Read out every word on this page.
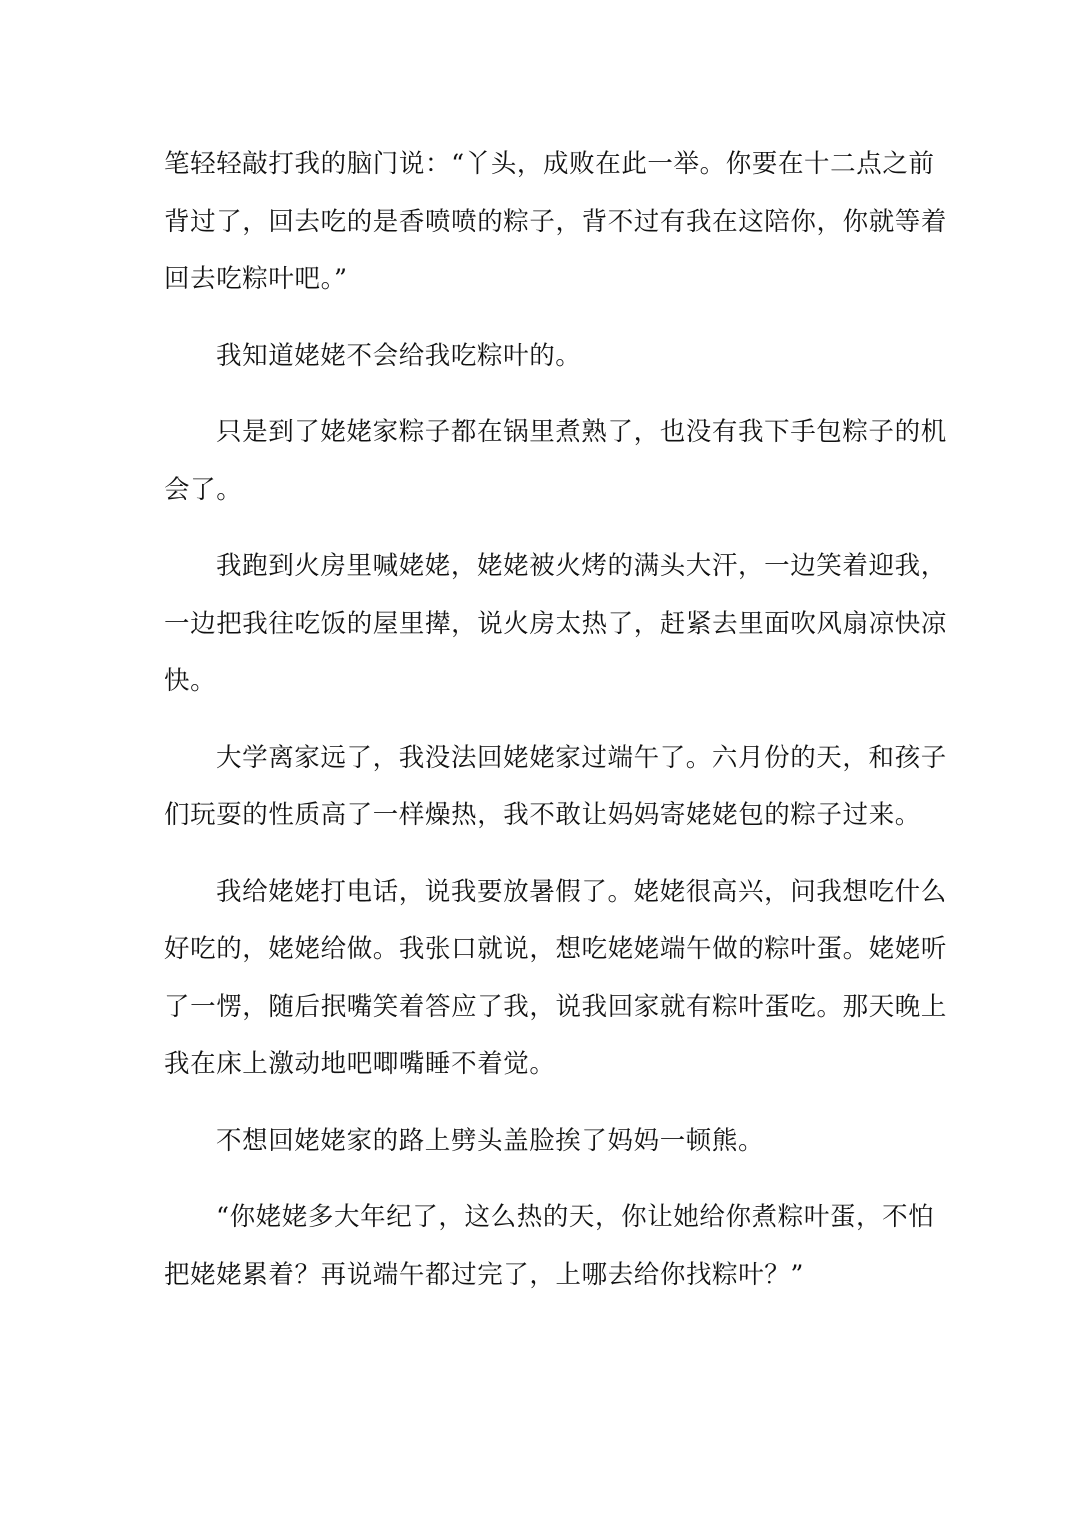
笔轻轻敲打我的脑门说：“丫头，成败在此一举。你要在十二点之前
背过了，回去吃的是香喷喷的粽子，背不过有我在这陪你，你就等着
回去吃粽叶吧。”

我知道姥姥不会给我吃粽叶的。

只是到了姥姥家粽子都在锅里煮熟了，也没有我下手包粽子的机
会了。

我跑到火房里喊姥姥，姥姥被火烤的满头大汗，一边笑着迎我，
一边把我往吃饭的屋里撵，说火房太热了，赶紧去里面吹风扇凉快凉
快。

大学离家远了，我没法回姥姥家过端午了。六月份的天，和孩子
们玩耍的性质高了一样燥热，我不敢让妈妈寄姥姥包的粽子过来。

我给姥姥打电话，说我要放暑假了。姥姥很高兴，问我想吃什么
好吃的，姥姥给做。我张口就说，想吃姥姥端午做的粽叶蛋。姥姥听
了一愣，随后抿嘴笑着答应了我，说我回家就有粽叶蛋吃。那天晚上
我在床上激动地吧唧嘴睡不着觉。

不想回姥姥家的路上劈头盖脸挨了妈妈一顿熊。

“你姥姥多大年纪了，这么热的天，你让她给你煮粽叶蛋，不怕
把姥姥累着？再说端午都过完了，上哪去给你找粽叶？”
